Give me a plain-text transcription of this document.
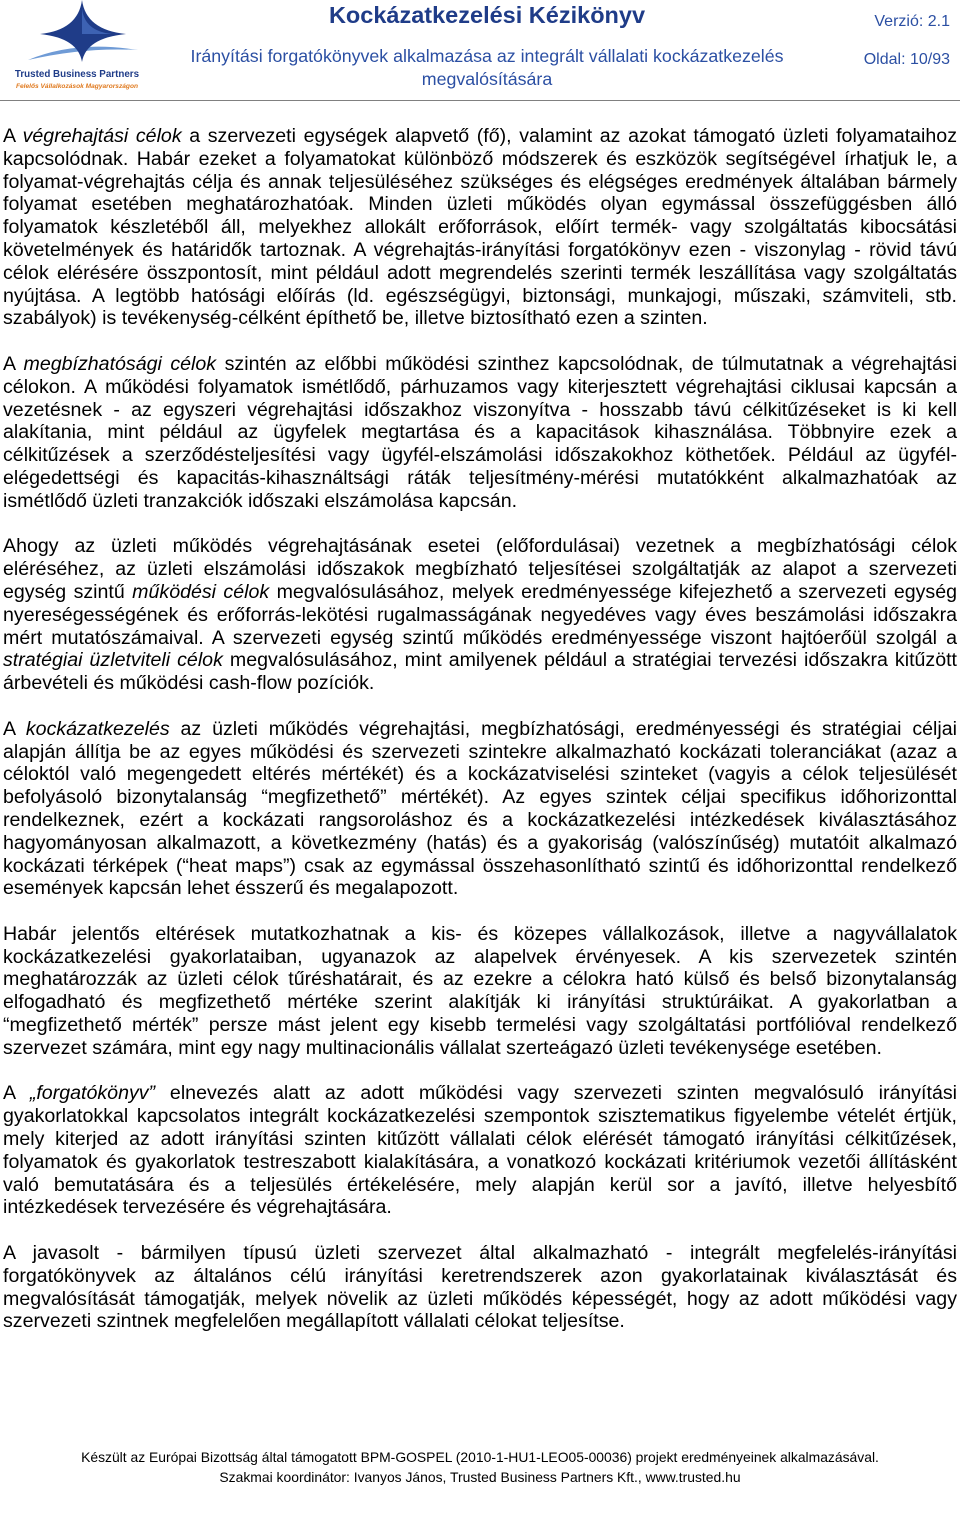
Trusted Business Partners
Felelős Vállalkozások Magyarországon
Kockázatkezelési Kézikönyv
Irányítási forgatókönyvek alkalmazása az integrált vállalati kockázatkezelés
megvalósítására
Verzió: 2.1
Oldal: 10/93
A végrehajtási célok a szervezeti egységek alapvető (fő), valamint az azokat támogató üzleti folyamataihoz
kapcsolódnak. Habár ezeket a folyamatokat különböző módszerek és eszközök segítségével írhatjuk le, a
folyamat-végrehajtás célja és annak teljesüléséhez szükséges és elégséges eredmények általában bármely
folyamat esetében meghatározhatóak. Minden üzleti működés olyan egymással összefüggésben álló
folyamatok készletéből áll, melyekhez allokált erőforrások, előírt termék- vagy szolgáltatás kibocsátási
követelmények és határidők tartoznak. A végrehajtás-irányítási forgatókönyv ezen - viszonylag - rövid távú
célok elérésére összpontosít, mint például adott megrendelés szerinti termék leszállítása vagy szolgáltatás
nyújtása. A legtöbb hatósági előírás (ld. egészségügyi, biztonsági, munkajogi, műszaki, számviteli, stb.
szabályok) is tevékenység-célként építhető be, illetve biztosítható ezen a szinten.
A megbízhatósági célok szintén az előbbi működési szinthez kapcsolódnak, de túlmutatnak a végrehajtási
célokon. A működési folyamatok ismétlődő, párhuzamos vagy kiterjesztett végrehajtási ciklusai kapcsán a
vezetésnek - az egyszeri végrehajtási időszakhoz viszonyítva - hosszabb távú célkitűzéseket is ki kell
alakítania, mint például az ügyfelek megtartása és a kapacitások kihasználása. Többnyire ezek a
célkitűzések a szerződésteljesítési vagy ügyfél-elszámolási időszakokhoz köthetőek. Például az ügyfél-
elégedettségi és kapacitás-kihasználtsági ráták teljesítmény-mérési mutatókként alkalmazhatóak az
ismétlődő üzleti tranzakciók időszaki elszámolása kapcsán.
Ahogy az üzleti működés végrehajtásának esetei (előfordulásai) vezetnek a megbízhatósági célok
eléréséhez, az üzleti elszámolási időszakok megbízható teljesítései szolgáltatják az alapot a szervezeti
egység szintű működési célok megvalósulásához, melyek eredményessége kifejezhető a szervezeti egység
nyereségességének és erőforrás-lekötési rugalmasságának negyedéves vagy éves beszámolási időszakra
mért mutatószámaival. A szervezeti egység szintű működés eredményessége viszont hajtóerőül szolgál a
stratégiai üzletviteli célok megvalósulásához, mint amilyenek például a stratégiai tervezési időszakra kitűzött
árbevételi és működési cash-flow pozíciók.
A kockázatkezelés az üzleti működés végrehajtási, megbízhatósági, eredményességi és stratégiai céljai
alapján állítja be az egyes működési és szervezeti szintekre alkalmazható kockázati toleranciákat (azaz a
céloktól való megengedett eltérés mértékét) és a kockázatviselési szinteket (vagyis a célok teljesülését
befolyásoló bizonytalanság “megfizethető” mértékét). Az egyes szintek céljai specifikus időhorizonttal
rendelkeznek, ezért a kockázati rangsoroláshoz és a kockázatkezelési intézkedések kiválasztásához
hagyományosan alkalmazott, a következmény (hatás) és a gyakoriság (valószínűség) mutatóit alkalmazó
kockázati térképek (“heat maps”) csak az egymással összehasonlítható szintű és időhorizonttal rendelkező
események kapcsán lehet ésszerű és megalapozott.
Habár jelentős eltérések mutatkozhatnak a kis- és közepes vállalkozások, illetve a nagyvállalatok
kockázatkezelési gyakorlataiban, ugyanazok az alapelvek érvényesek. A kis szervezetek szintén
meghatározzák az üzleti célok tűréshatárait, és az ezekre a célokra ható külső és belső bizonytalanság
elfogadható és megfizethető mértéke szerint alakítják ki irányítási struktúráikat. A gyakorlatban a
“megfizethető mérték” persze mást jelent egy kisebb termelési vagy szolgáltatási portfólióval rendelkező
szervezet számára, mint egy nagy multinacionális vállalat szerteágazó üzleti tevékenysége esetében.
A „forgatókönyv” elnevezés alatt az adott működési vagy szervezeti szinten megvalósuló irányítási
gyakorlatokkal kapcsolatos integrált kockázatkezelési szempontok szisztematikus figyelembe vételét értjük,
mely kiterjed az adott irányítási szinten kitűzött vállalati célok elérését támogató irányítási célkitűzések,
folyamatok és gyakorlatok testreszabott kialakítására, a vonatkozó kockázati kritériumok vezetői állításként
való bemutatására és a teljesülés értékelésére, mely alapján kerül sor a javító, illetve helyesbítő
intézkedések tervezésére és végrehajtására.
A javasolt - bármilyen típusú üzleti szervezet által alkalmazható - integrált megfelelés-irányítási
forgatókönyvek az általános célú irányítási keretrendszerek azon gyakorlatainak kiválasztását és
megvalósítását támogatják, melyek növelik az üzleti működés képességét, hogy az adott működési vagy
szervezeti szintnek megfelelően megállapított vállalati célokat teljesítse.
Készült az Európai Bizottság által támogatott BPM-GOSPEL (2010-1-HU1-LEO05-00036) projekt eredményeinek alkalmazásával.
Szakmai koordinátor: Ivanyos János, Trusted Business Partners Kft., www.trusted.hu
